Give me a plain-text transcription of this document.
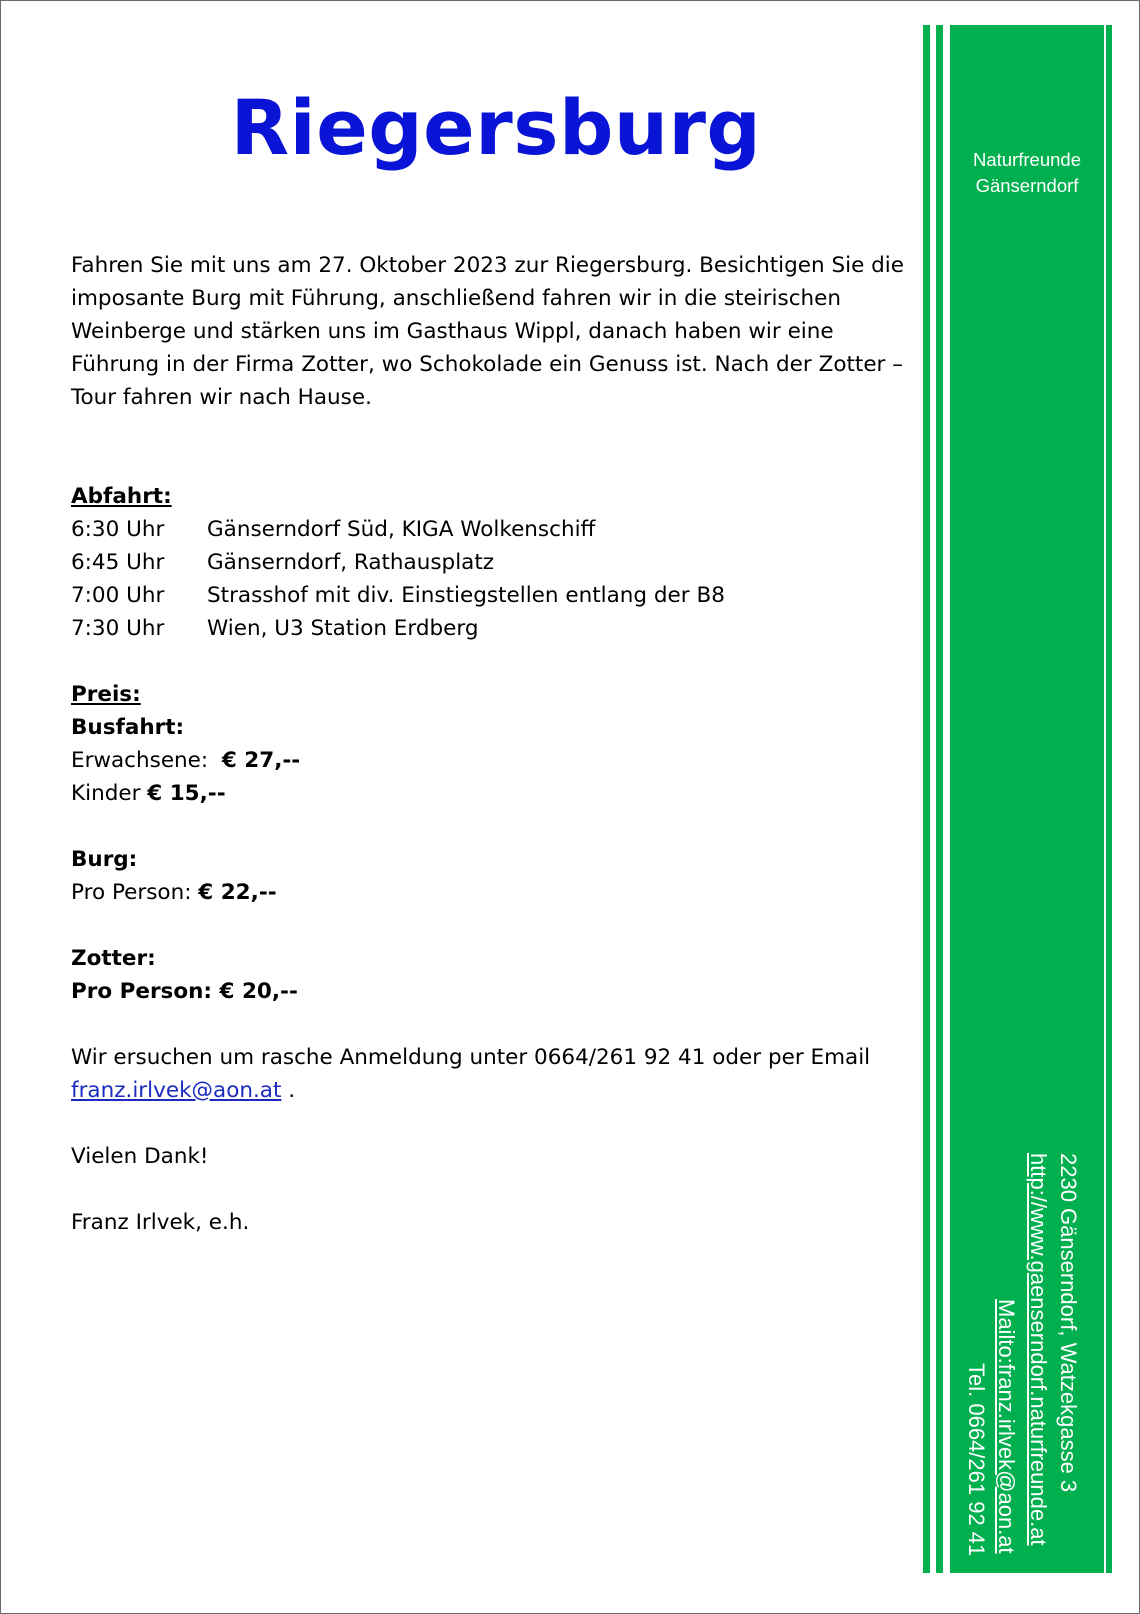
Riegersburg

Fahren Sie mit uns am 27. Oktober 2023 zur Riegersburg. Besichtigen Sie die imposante Burg mit Führung, anschließend fahren wir in die steirischen Weinberge und stärken uns im Gasthaus Wippl, danach haben wir eine Führung in der Firma Zotter, wo Schokolade ein Genuss ist. Nach der Zotter – Tour fahren wir nach Hause.

Abfahrt:
6:30 Uhr	Gänserndorf Süd, KIGA Wolkenschiff
6:45 Uhr	Gänserndorf, Rathausplatz
7:00 Uhr	Strasshof mit div. Einstiegstellen entlang der B8
7:30 Uhr	Wien, U3 Station Erdberg
Preis:
Busfahrt:
Erwachsene: € 27,--
Kinder € 15,--
Burg:
Pro Person: € 22,--
Zotter:
Pro Person: € 20,--
Wir ersuchen um rasche Anmeldung unter 0664/261 92 41 oder per Email
franz.irlvek@aon.at .
Vielen Dank!
Franz Irlvek, e.h.
Naturfreunde
Gänserndorf
2230 Gänserndorf, Watzekgasse 3
http://www.gaenserndorf.naturfreunde.at
Mailto:franz.irlvek@aon.at
Tel. 0664/261 92 41
